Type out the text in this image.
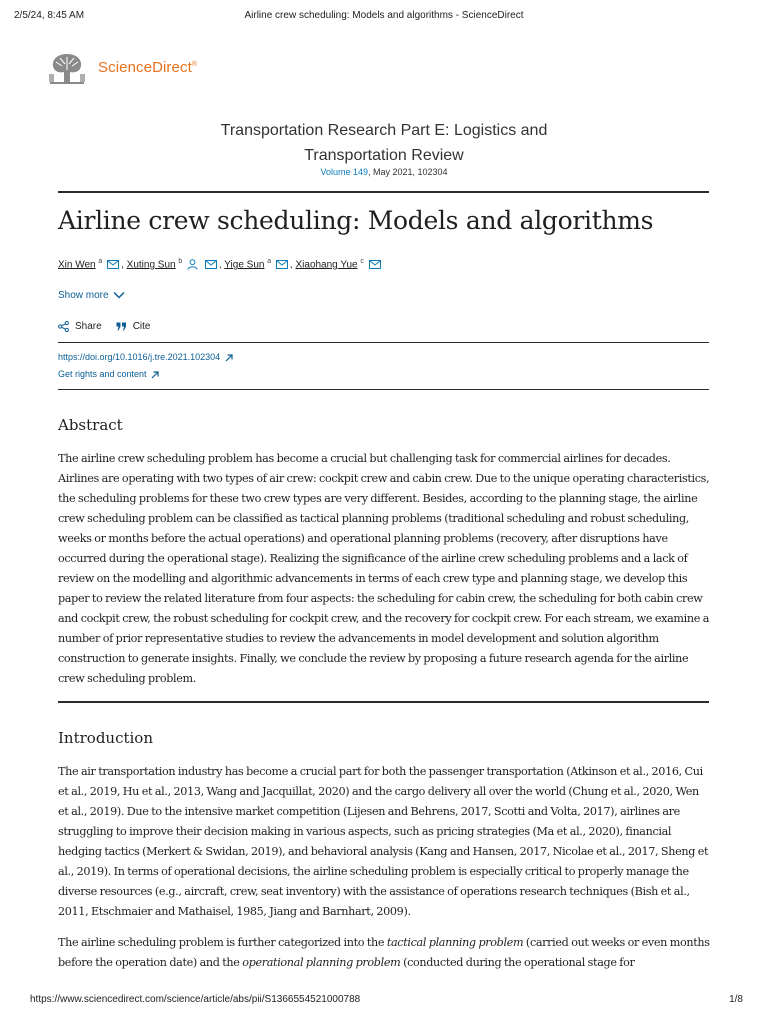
2/5/24, 8:45 AM	Airline crew scheduling: Models and algorithms - ScienceDirect
ScienceDirect®
Transportation Research Part E: Logistics and
Transportation Review
Volume 149, May 2021, 102304
Airline crew scheduling: Models and algorithms
Xin Wen $^a$ , Xuting Sun $^b$	, Yige Sun $^a$ , Xiaohang Yue $^c$
Show more
Share	Cite
https://doi.org/10.1016/j.tre.2021.102304
Get rights and content
Abstract

The airline crew scheduling problem has become a crucial but challenging task for commercial airlines for decades. Airlines are operating with two types of air crew: cockpit crew and cabin crew. Due to the unique operating characteristics, the scheduling problems for these two crew types are very different. Besides, according to the planning stage, the airline crew scheduling problem can be classified as tactical planning problems (traditional scheduling and robust scheduling, weeks or months before the actual operations) and operational planning problems (recovery, after disruptions have occurred during the operational stage). Realizing the significance of the airline crew scheduling problems and a lack of review on the modelling and algorithmic advancements in terms of each crew type and planning stage, we develop this paper to review the related literature from four aspects: the scheduling for cabin crew, the scheduling for both cabin crew and cockpit crew, the robust scheduling for cockpit crew, and the recovery for cockpit crew. For each stream, we examine a number of prior representative studies to review the advancements in model development and solution algorithm construction to generate insights. Finally, we conclude the review by proposing a future research agenda for the airline crew scheduling problem.

Introduction

The air transportation industry has become a crucial part for both the passenger transportation (Atkinson et al., 2016, Cui et al., 2019, Hu et al., 2013, Wang and Jacquillat, 2020) and the cargo delivery all over the world (Chung et al., 2020, Wen et al., 2019). Due to the intensive market competition (Lijesen and Behrens, 2017, Scotti and Volta, 2017), airlines are struggling to improve their decision making in various aspects, such as pricing strategies (Ma et al., 2020), financial hedging tactics (Merkert & Swidan, 2019), and behavioral analysis (Kang and Hansen, 2017, Nicolae et al., 2017, Sheng et al., 2019). In terms of operational decisions, the airline scheduling problem is especially critical to properly manage the diverse resources (e.g., aircraft, crew, seat inventory) with the assistance of operations research techniques (Bish et al., 2011, Etschmaier and Mathaisel, 1985, Jiang and Barnhart, 2009).

The airline scheduling problem is further categorized into the tactical planning problem (carried out weeks or even months before the operation date) and the operational planning problem (conducted during the operational stage for

https://www.sciencedirect.com/science/article/abs/pii/S1366554521000788	1/8
